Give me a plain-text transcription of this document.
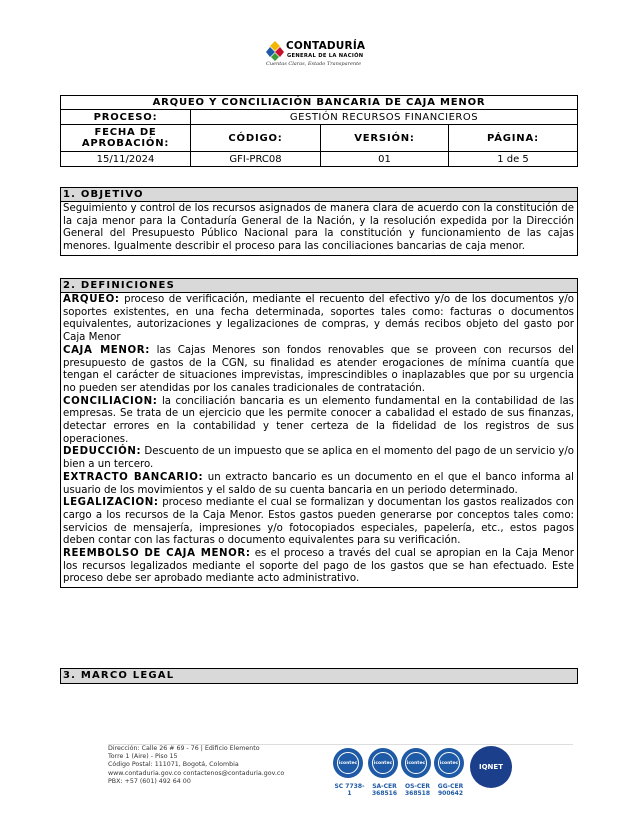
CONTADURÍA
GENERAL DE LA NACIÓN
Cuentas Claras, Estado Transparente
ARQUEO Y CONCILIACIÓN BANCARIA DE CAJA MENOR			
PROCESO:	GESTIÓN RECURSOS FINANCIEROS		
FECHA DE APROBACIÓN:	CÓDIGO:	VERSIÓN:	PÁGINA:
15/11/2024	GFI-PRC08	01	1 de 5
1. OBJETIVO

Seguimiento y control de los recursos asignados de manera clara de acuerdo con la constitución de la caja menor para la Contaduría General de la Nación, y la resolución expedida por la Dirección General del Presupuesto Público Nacional para la constitución y funcionamiento de las cajas menores. Igualmente describir el proceso para las conciliaciones bancarias de caja menor.

2. DEFINICIONES

ARQUEO: proceso de verificación, mediante el recuento del efectivo y/o de los documentos y/o soportes existentes, en una fecha determinada, soportes tales como: facturas o documentos equivalentes, autorizaciones y legalizaciones de compras, y demás recibos objeto del gasto por Caja Menor

CAJA MENOR: las Cajas Menores son fondos renovables que se proveen con recursos del presupuesto de gastos de la CGN, su finalidad es atender erogaciones de mínima cuantía que tengan el carácter de situaciones imprevistas, imprescindibles o inaplazables que por su urgencia no pueden ser atendidas por los canales tradicionales de contratación.

CONCILIACION: la conciliación bancaria es un elemento fundamental en la contabilidad de las empresas. Se trata de un ejercicio que les permite conocer a cabalidad el estado de sus finanzas, detectar errores en la contabilidad y tener certeza de la fidelidad de los registros de sus operaciones.

DEDUCCIÓN: Descuento de un impuesto que se aplica en el momento del pago de un servicio y/o bien a un tercero.

EXTRACTO BANCARIO: un extracto bancario es un documento en el que el banco informa al usuario de los movimientos y el saldo de su cuenta bancaria en un periodo determinado.

LEGALIZACION: proceso mediante el cual se formalizan y documentan los gastos realizados con cargo a los recursos de la Caja Menor. Estos gastos pueden generarse por conceptos tales como: servicios de mensajería, impresiones y/o fotocopiados especiales, papelería, etc., estos pagos deben contar con las facturas o documento equivalentes para su verificación.

REEMBOLSO DE CAJA MENOR: es el proceso a través del cual se apropian en la Caja Menor los recursos legalizados mediante el soporte del pago de los gastos que se han efectuado. Este proceso debe ser aprobado mediante acto administrativo.

3. MARCO LEGAL
Dirección: Calle 26 # 69 - 76 | Edificio Elemento
Torre 1 (Aire) - Piso 15
Código Postal: 111071, Bogotá, Colombia
www.contaduria.gov.co contactenos@contaduria.gov.co
PBX: +57 (601) 492 64 00
icontec
SC 7738-1
icontec
SA-CER 368516
icontec
OS-CER 368518
icontec
GG-CER 900642
IQNET
